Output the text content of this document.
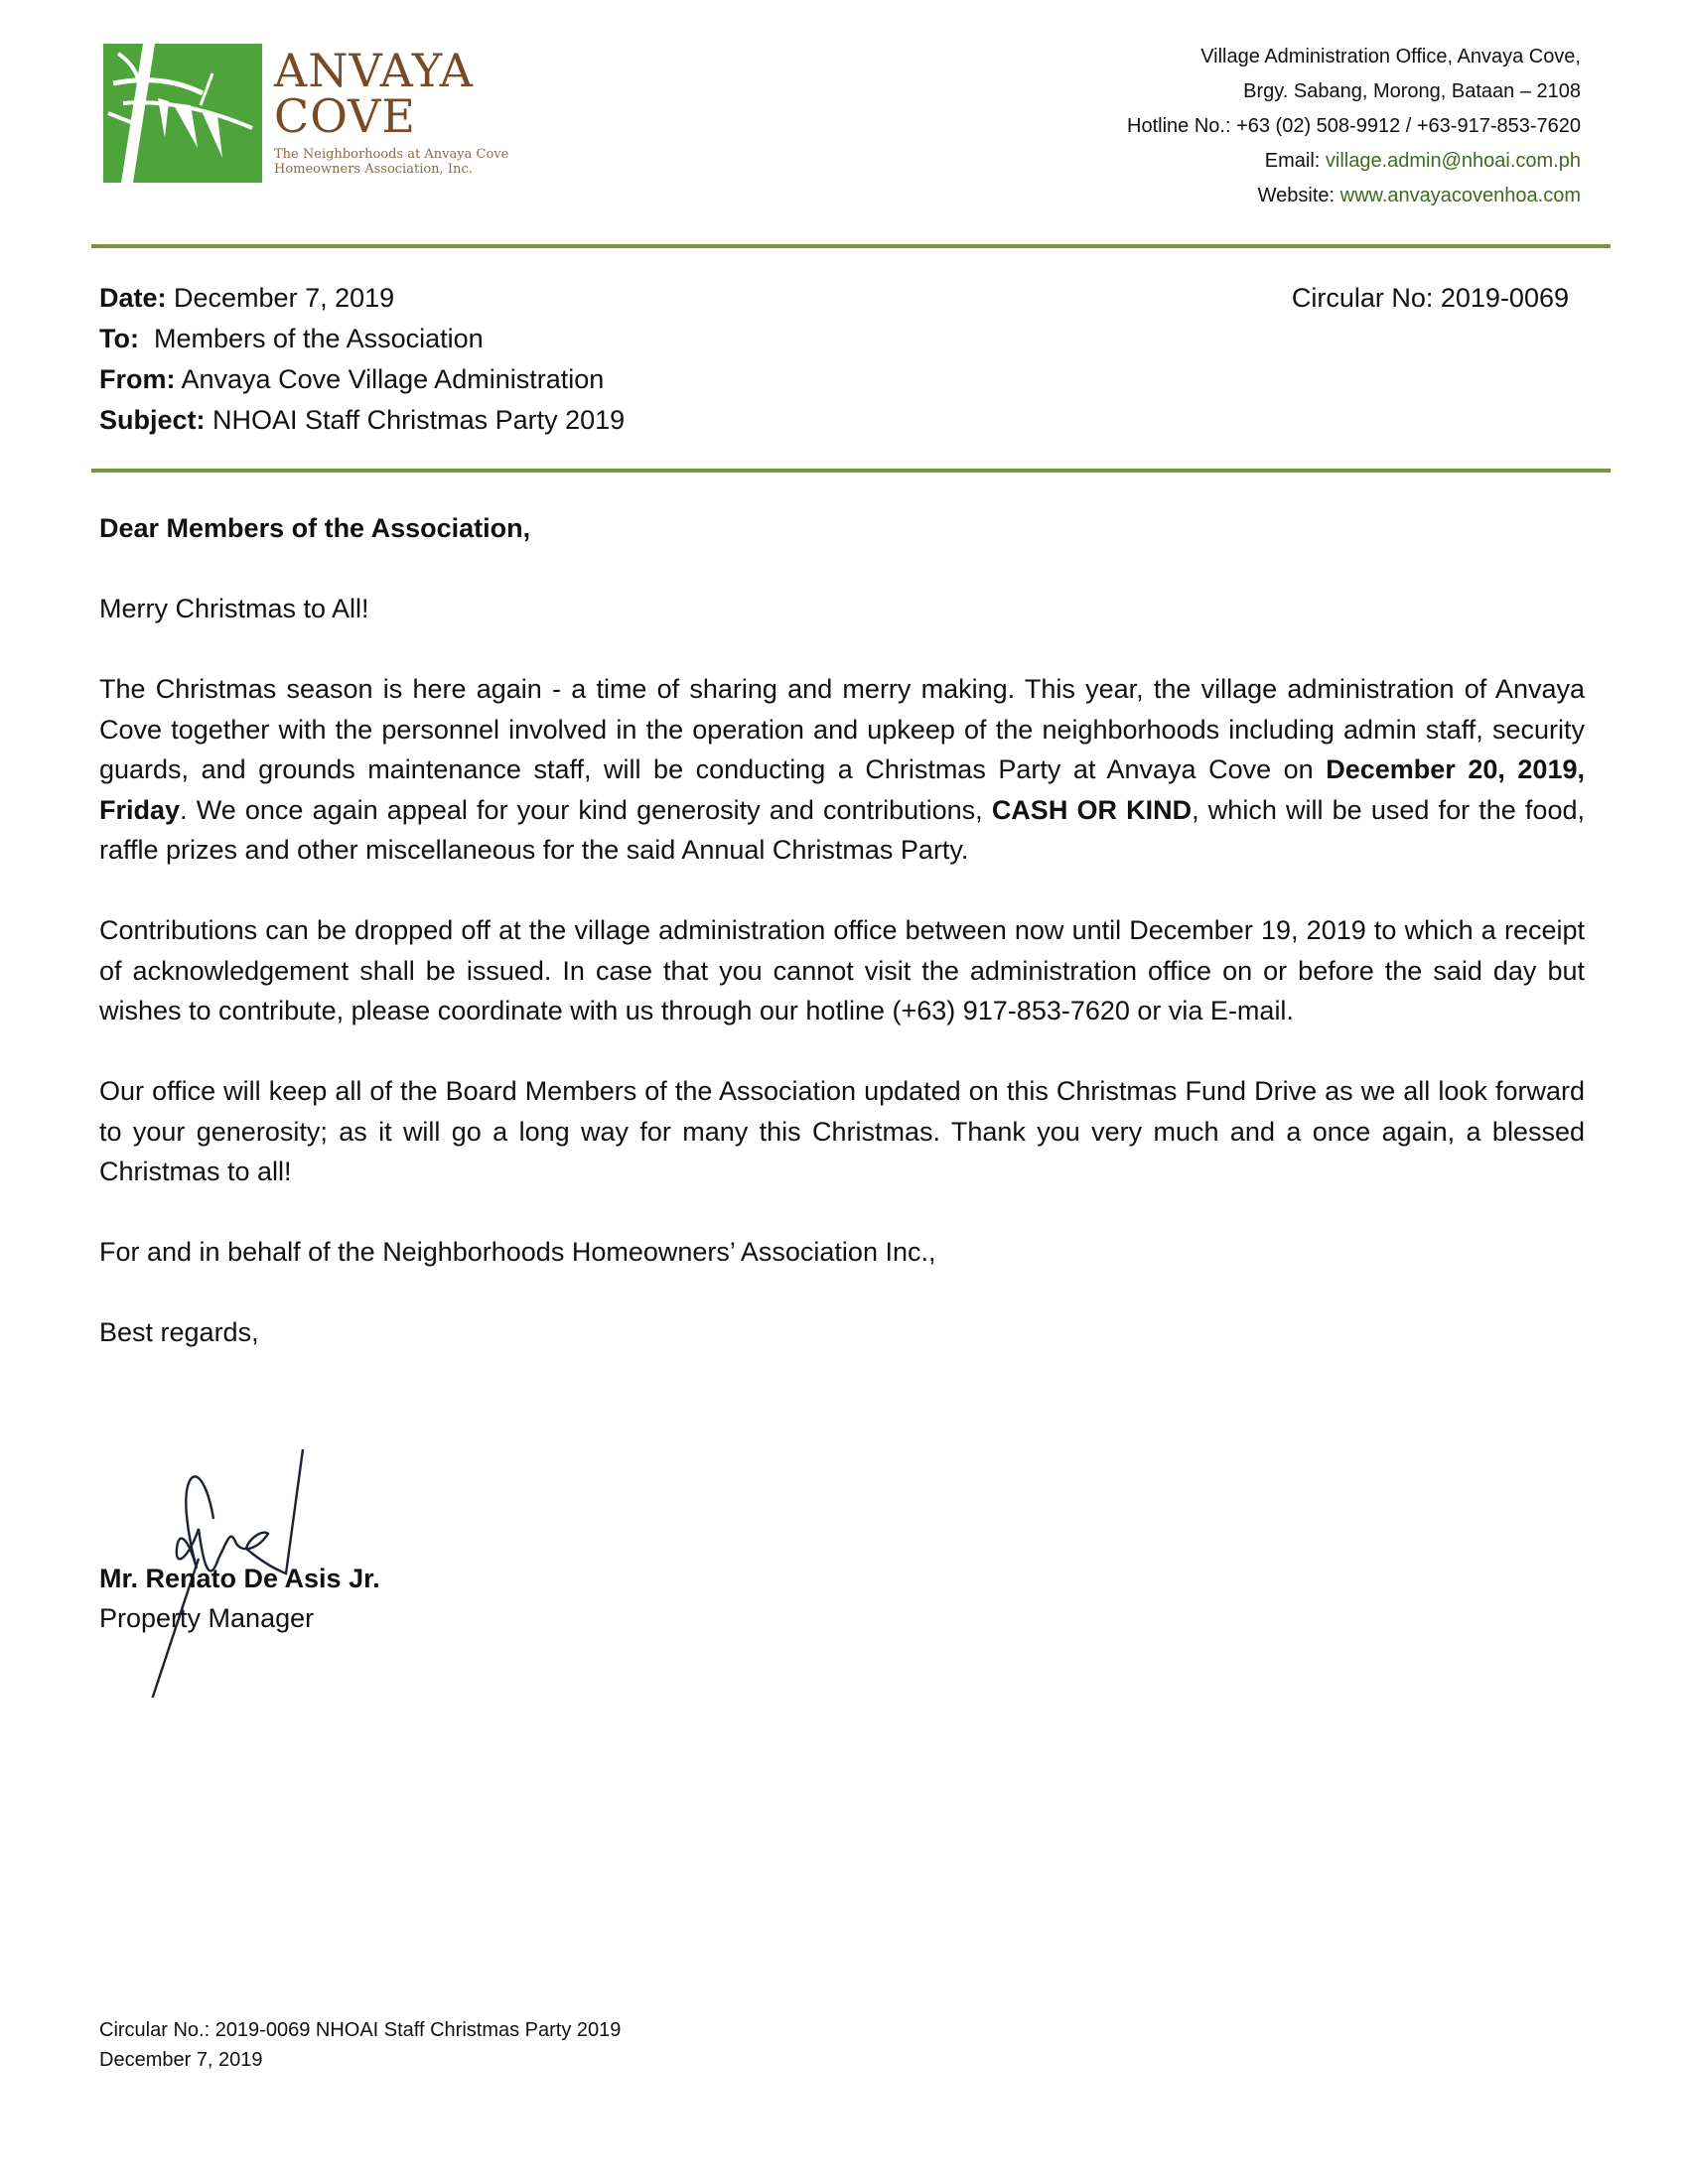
ANVAYA
COVE
The Neighborhoods at Anvaya Cove
Homeowners Association, Inc.
Village Administration Office, Anvaya Cove,
Brgy. Sabang, Morong, Bataan – 2108
Hotline No.: +63 (02) 508-9912 / +63-917-853-7620
Email: village.admin@nhoai.com.ph
Website: www.anvayacovenhoa.com
Date: December 7, 2019
To:  Members of the Association
From: Anvaya Cove Village Administration
Subject: NHOAI Staff Christmas Party 2019
Circular No: 2019-0069

Dear Members of the Association,

Merry Christmas to All!

The Christmas season is here again - a time of sharing and merry making. This year, the village administration of Anvaya Cove together with the personnel involved in the operation and upkeep of the neighborhoods including admin staff, security guards, and grounds maintenance staff, will be conducting a Christmas Party at Anvaya Cove on December 20, 2019, Friday. We once again appeal for your kind generosity and contributions, CASH OR KIND, which will be used for the food, raffle prizes and other miscellaneous for the said Annual Christmas Party.

Contributions can be dropped off at the village administration office between now until December 19, 2019 to which a receipt of acknowledgement shall be issued. In case that you cannot visit the administration office on or before the said day but wishes to contribute, please coordinate with us through our hotline (+63) 917-853-7620 or via E-mail.

Our office will keep all of the Board Members of the Association updated on this Christmas Fund Drive as we all look forward to your generosity; as it will go a long way for many this Christmas. Thank you very much and a once again, a blessed Christmas to all!

For and in behalf of the Neighborhoods Homeowners’ Association Inc.,

Best regards,

Mr. Renato De Asis Jr.
Property Manager
Circular No.: 2019-0069 NHOAI Staff Christmas Party 2019
December 7, 2019
